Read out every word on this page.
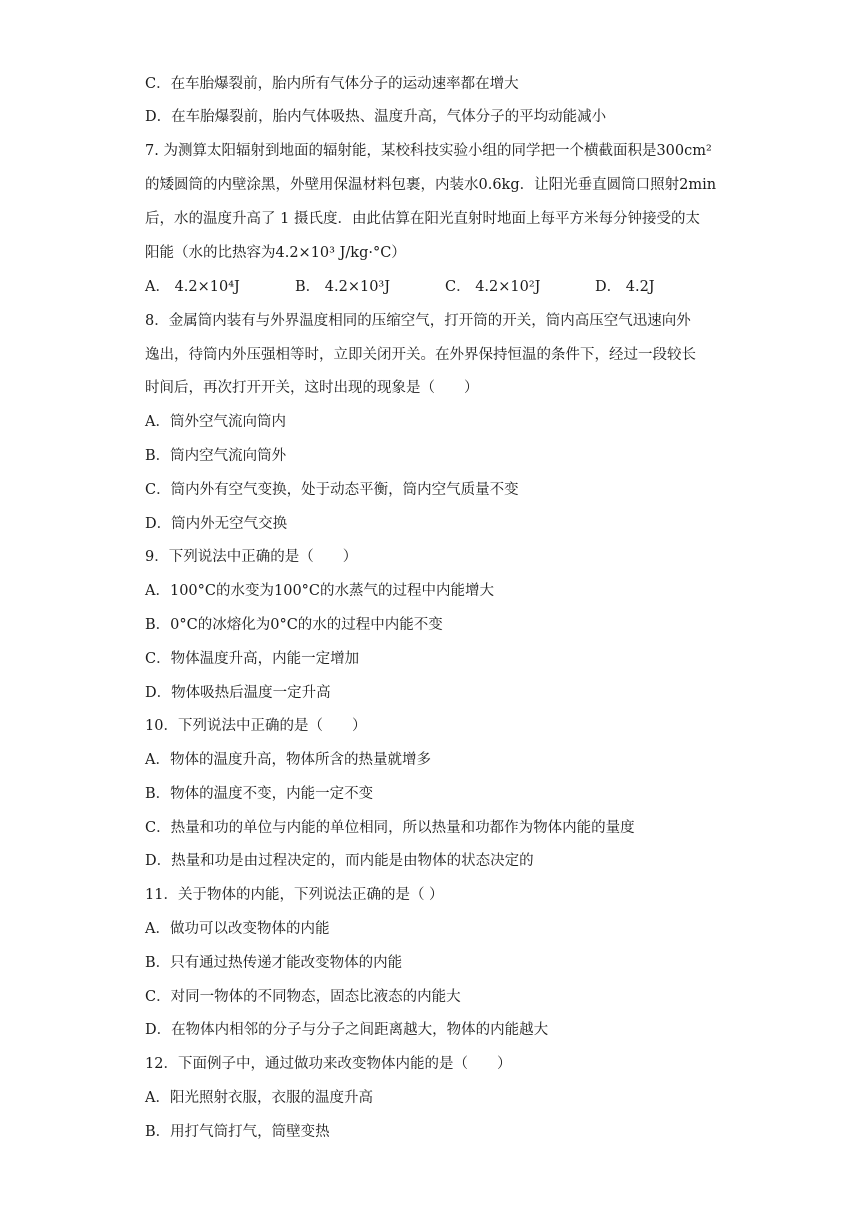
C．在车胎爆裂前，胎内所有气体分子的运动速率都在增大
D．在车胎爆裂前，胎内气体吸热、温度升高，气体分子的平均动能减小
7. 为测算太阳辐射到地面的辐射能，某校科技实验小组的同学把一个横截面积是300cm²
的矮圆筒的内壁涂黑，外壁用保温材料包裹，内装水0.6kg．让阳光垂直圆筒口照射2min
后，水的温度升高了 1 摄氏度．由此估算在阳光直射时地面上每平方米每分钟接受的太
阳能（水的比热容为4.2×10³ J/kg·°C）
A． 4.2×10⁴J	B． 4.2×10³J	C． 4.2×10²J	D． 4.2J
8．金属筒内装有与外界温度相同的压缩空气，打开筒的开关，筒内高压空气迅速向外
逸出，待筒内外压强相等时，立即关闭开关。在外界保持恒温的条件下，经过一段较长
时间后，再次打开开关，这时出现的现象是（　　）
A．筒外空气流向筒内
B．筒内空气流向筒外
C．筒内外有空气变换，处于动态平衡，筒内空气质量不变
D．筒内外无空气交换
9．下列说法中正确的是（　　）
A．100°C的水变为100°C的水蒸气的过程中内能增大
B．0°C的冰熔化为0°C的水的过程中内能不变
C．物体温度升高，内能一定增加
D．物体吸热后温度一定升高
10．下列说法中正确的是（　　）
A．物体的温度升高，物体所含的热量就增多
B．物体的温度不变，内能一定不变
C．热量和功的单位与内能的单位相同，所以热量和功都作为物体内能的量度
D．热量和功是由过程决定的，而内能是由物体的状态决定的
11．关于物体的内能，下列说法正确的是（ ）
A．做功可以改变物体的内能
B．只有通过热传递才能改变物体的内能
C．对同一物体的不同物态，固态比液态的内能大
D．在物体内相邻的分子与分子之间距离越大，物体的内能越大
12．下面例子中，通过做功来改变物体内能的是（　　）
A．阳光照射衣服，衣服的温度升高
B．用打气筒打气，筒壁变热
